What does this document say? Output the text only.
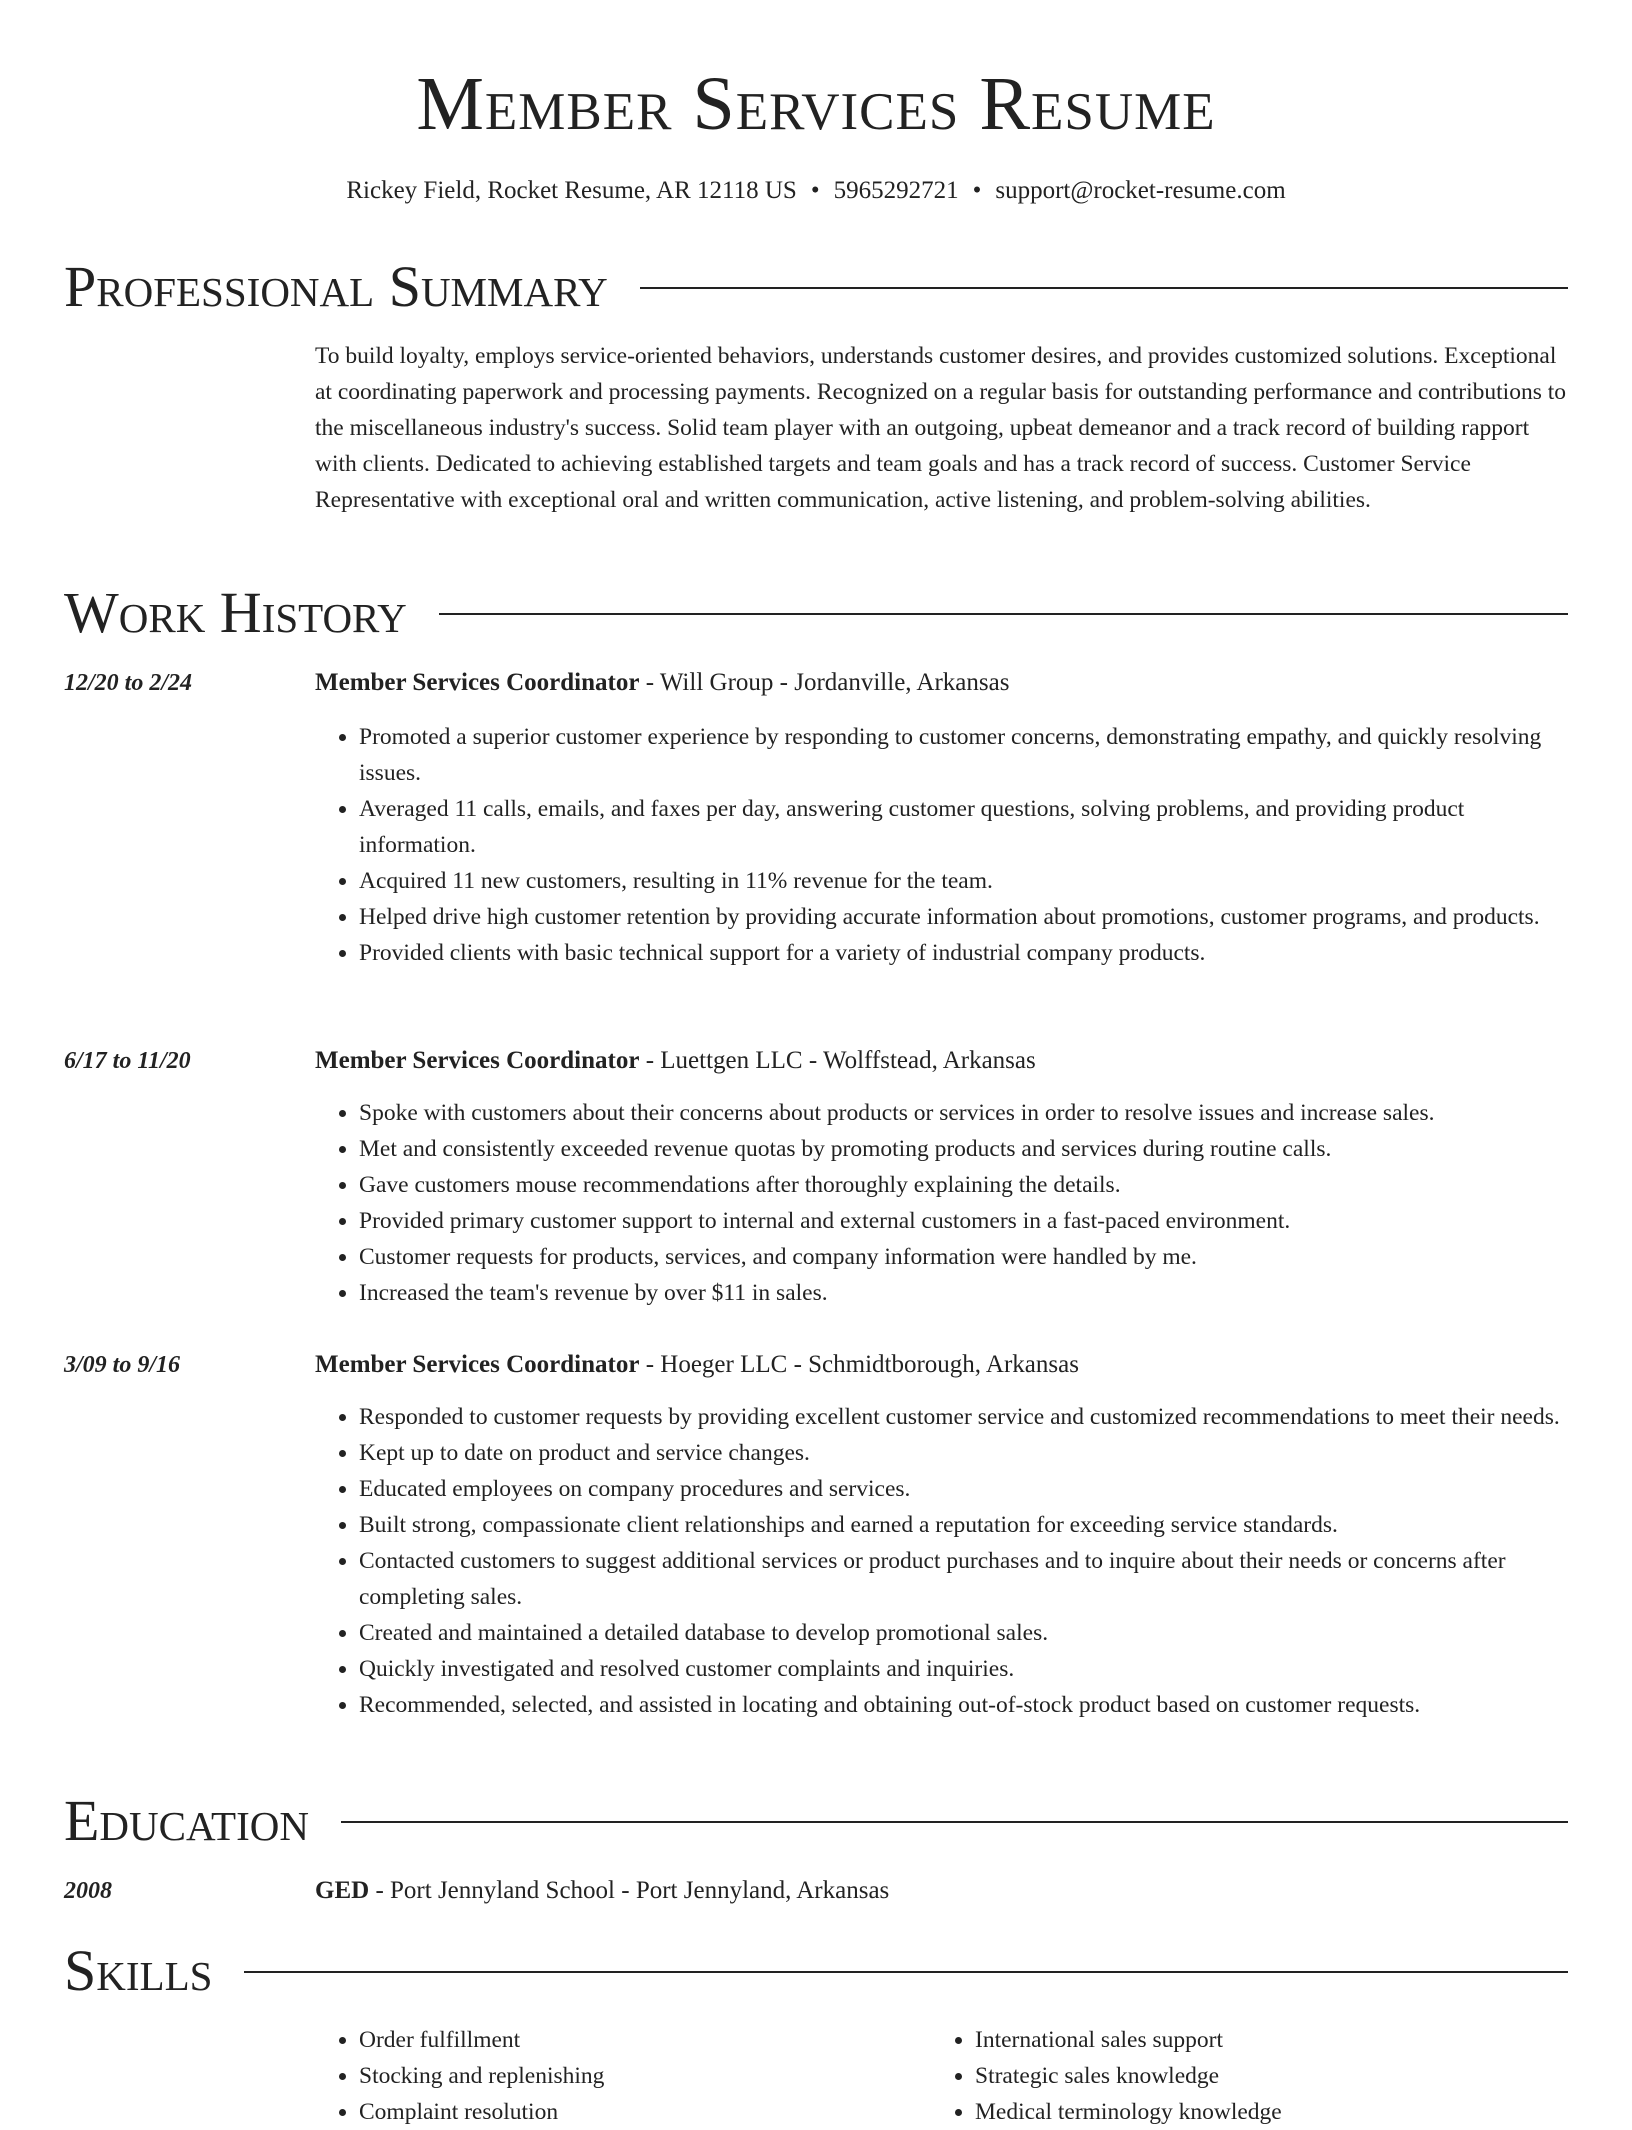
Member Services Resume
Rickey Field, Rocket Resume, AR 12118 US • 5965292721 • support@rocket-resume.com
Professional Summary

To build loyalty, employs service-oriented behaviors, understands customer desires, and provides customized solutions. Exceptional at coordinating paperwork and processing payments. Recognized on a regular basis for outstanding performance and contributions to the miscellaneous industry's success. Solid team player with an outgoing, upbeat demeanor and a track record of building rapport with clients. Dedicated to achieving established targets and team goals and has a track record of success. Customer Service Representative with exceptional oral and written communication, active listening, and problem-solving abilities.

Work History
12/20 to 2/24	Member Services Coordinator - Will Group - Jordanville, Arkansas
• Promoted a superior customer experience by responding to customer concerns, demonstrating empathy, and quickly resolving issues.
• Averaged 11 calls, emails, and faxes per day, answering customer questions, solving problems, and providing product information.
• Acquired 11 new customers, resulting in 11% revenue for the team.
• Helped drive high customer retention by providing accurate information about promotions, customer programs, and products.
• Provided clients with basic technical support for a variety of industrial company products.
6/17 to 11/20	Member Services Coordinator - Luettgen LLC - Wolffstead, Arkansas
• Spoke with customers about their concerns about products or services in order to resolve issues and increase sales.
• Met and consistently exceeded revenue quotas by promoting products and services during routine calls.
• Gave customers mouse recommendations after thoroughly explaining the details.
• Provided primary customer support to internal and external customers in a fast-paced environment.
• Customer requests for products, services, and company information were handled by me.
• Increased the team's revenue by over $11 in sales.
3/09 to 9/16	Member Services Coordinator - Hoeger LLC - Schmidtborough, Arkansas
• Responded to customer requests by providing excellent customer service and customized recommendations to meet their needs.
• Kept up to date on product and service changes.
• Educated employees on company procedures and services.
• Built strong, compassionate client relationships and earned a reputation for exceeding service standards.
• Contacted customers to suggest additional services or product purchases and to inquire about their needs or concerns after completing sales.
• Created and maintained a detailed database to develop promotional sales.
• Quickly investigated and resolved customer complaints and inquiries.
• Recommended, selected, and assisted in locating and obtaining out-of-stock product based on customer requests.
Education
2008	GED - Port Jennyland School - Port Jennyland, Arkansas
Skills
• Order fulfillment
• Stocking and replenishing
• Complaint resolution
• International sales support
• Strategic sales knowledge
• Medical terminology knowledge
